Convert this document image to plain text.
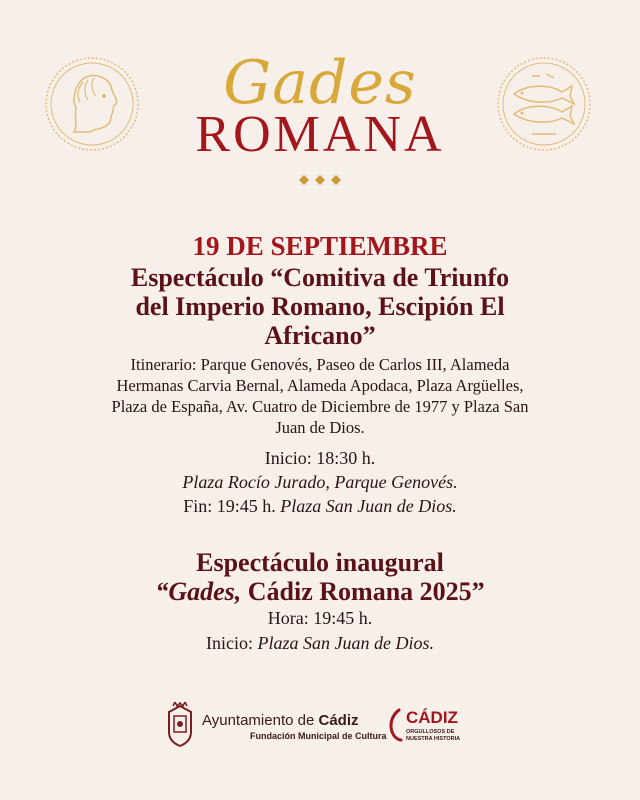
Gades
ROMANA
19 DE SEPTIEMBRE
Espectáculo “Comitiva de Triunfo
del Imperio Romano, Escipión El
Africano”
Itinerario: Parque Genovés, Paseo de Carlos III, Alameda
Hermanas Carvia Bernal, Alameda Apodaca, Plaza Argüelles,
Plaza de España, Av. Cuatro de Diciembre de 1977 y Plaza San
Juan de Dios.
Inicio: 18:30 h.
Plaza Rocío Jurado, Parque Genovés.
Fin: 19:45 h. Plaza San Juan de Dios.
Espectáculo inaugural
“Gades, Cádiz Romana 2025”
Hora: 19:45 h.
Inicio: Plaza San Juan de Dios.
Ayuntamiento de Cádiz
Fundación Municipal de Cultura
CÁDIZ
ORGULLOSOS DE NUESTRA HISTORIA
